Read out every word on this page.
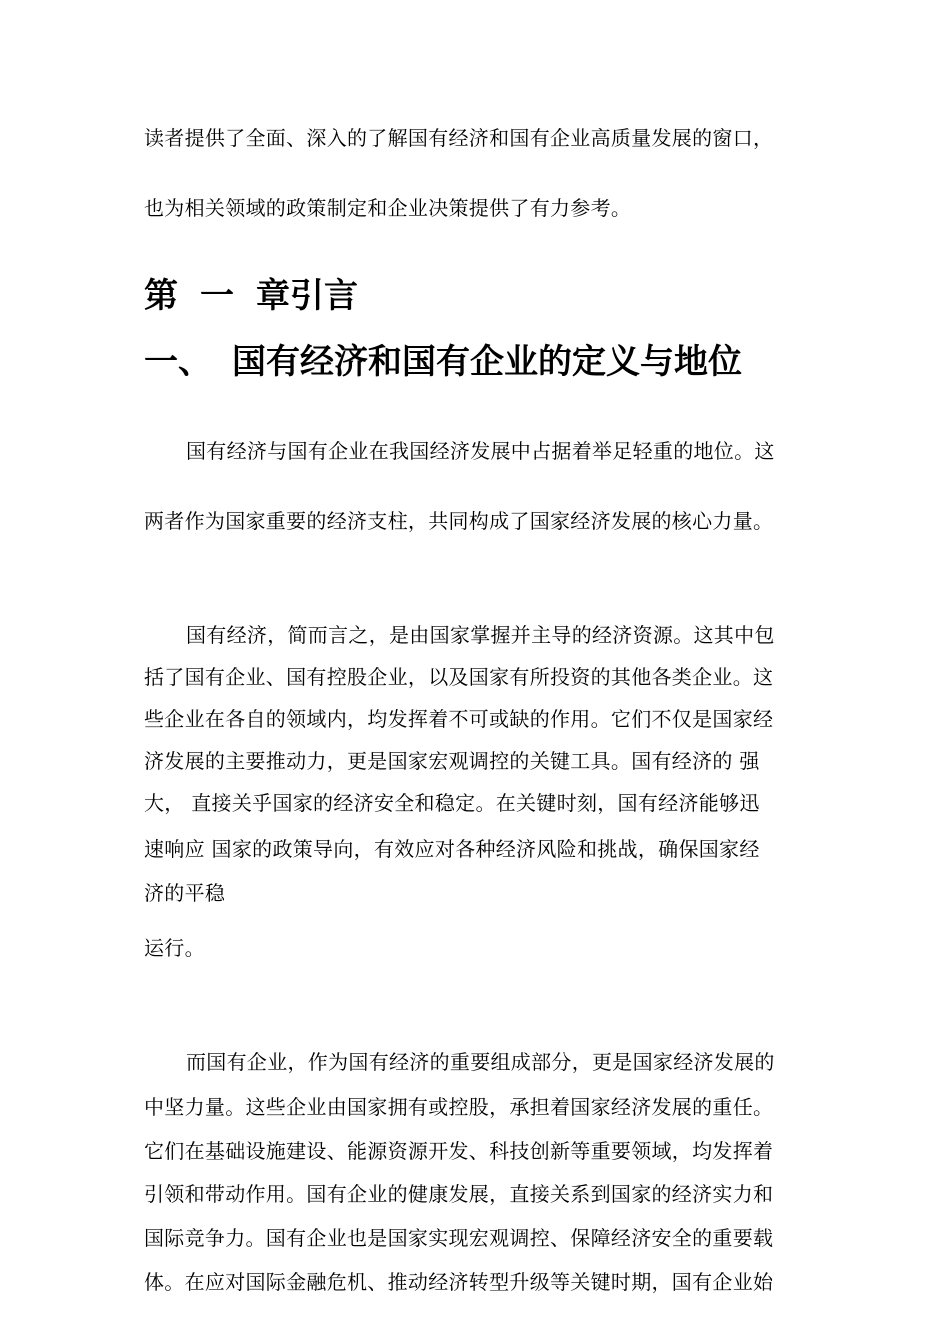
读者提供了全面、深入的了解国有经济和国有企业高质量发展的窗口，

也为相关领域的政策制定和企业决策提供了有力参考。

第 一 章引言
一、 国有经济和国有企业的定义与地位

国有经济与国有企业在我国经济发展中占据着举足轻重的地位。这

两者作为国家重要的经济支柱，共同构成了国家经济发展的核心力量。

国有经济，简而言之，是由国家掌握并主导的经济资源。这其中包

括了国有企业、国有控股企业，以及国家有所投资的其他各类企业。这

些企业在各自的领域内，均发挥着不可或缺的作用。它们不仅是国家经

济发展的主要推动力，更是国家宏观调控的关键工具。国有经济的 强

大， 直接关乎国家的经济安全和稳定。在关键时刻，国有经济能够迅

速响应 国家的政策导向，有效应对各种经济风险和挑战，确保国家经

济的平稳

运行。

而国有企业，作为国有经济的重要组成部分，更是国家经济发展的

中坚力量。这些企业由国家拥有或控股，承担着国家经济发展的重任。

它们在基础设施建设、能源资源开发、科技创新等重要领域，均发挥着

引领和带动作用。国有企业的健康发展，直接关系到国家的经济实力和

国际竞争力。国有企业也是国家实现宏观调控、保障经济安全的重要载

体。在应对国际金融危机、推动经济转型升级等关键时期，国有企业始
